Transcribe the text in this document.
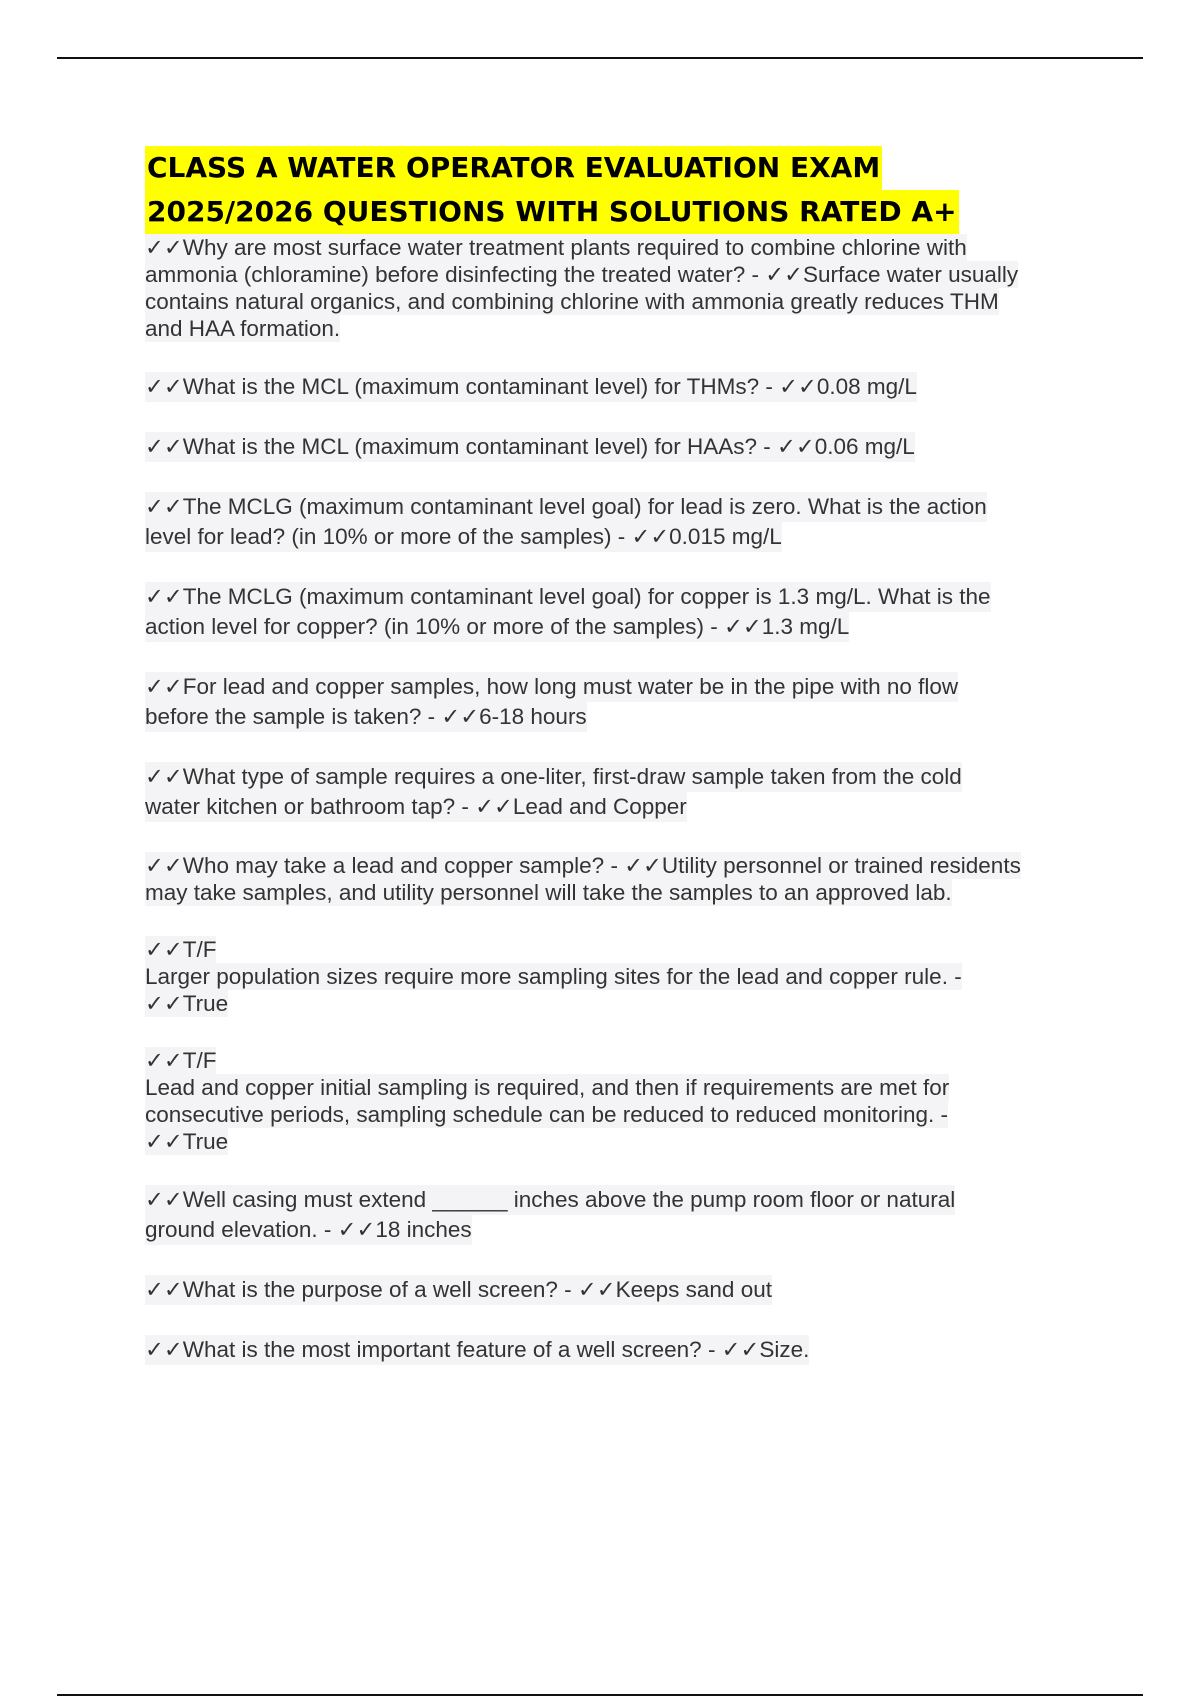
CLASS A WATER OPERATOR EVALUATION EXAM
2025/2026 QUESTIONS WITH SOLUTIONS RATED A+
✓✓Why are most surface water treatment plants required to combine chlorine with
ammonia (chloramine) before disinfecting the treated water? - ✓✓Surface water usually
contains natural organics, and combining chlorine with ammonia greatly reduces THM
and HAA formation.
✓✓What is the MCL (maximum contaminant level) for THMs? - ✓✓0.08 mg/L
✓✓What is the MCL (maximum contaminant level) for HAAs? - ✓✓0.06 mg/L
✓✓The MCLG (maximum contaminant level goal) for lead is zero. What is the action
level for lead? (in 10% or more of the samples) - ✓✓0.015 mg/L
✓✓The MCLG (maximum contaminant level goal) for copper is 1.3 mg/L. What is the
action level for copper? (in 10% or more of the samples) - ✓✓1.3 mg/L
✓✓For lead and copper samples, how long must water be in the pipe with no flow
before the sample is taken? - ✓✓6-18 hours
✓✓What type of sample requires a one-liter, first-draw sample taken from the cold
water kitchen or bathroom tap? - ✓✓Lead and Copper
✓✓Who may take a lead and copper sample? - ✓✓Utility personnel or trained residents
may take samples, and utility personnel will take the samples to an approved lab.
✓✓T/F
Larger population sizes require more sampling sites for the lead and copper rule. -
✓✓True
✓✓T/F
Lead and copper initial sampling is required, and then if requirements are met for
consecutive periods, sampling schedule can be reduced to reduced monitoring. -
✓✓True
✓✓Well casing must extend ______ inches above the pump room floor or natural
ground elevation. - ✓✓18 inches
✓✓What is the purpose of a well screen? - ✓✓Keeps sand out
✓✓What is the most important feature of a well screen? - ✓✓Size.
